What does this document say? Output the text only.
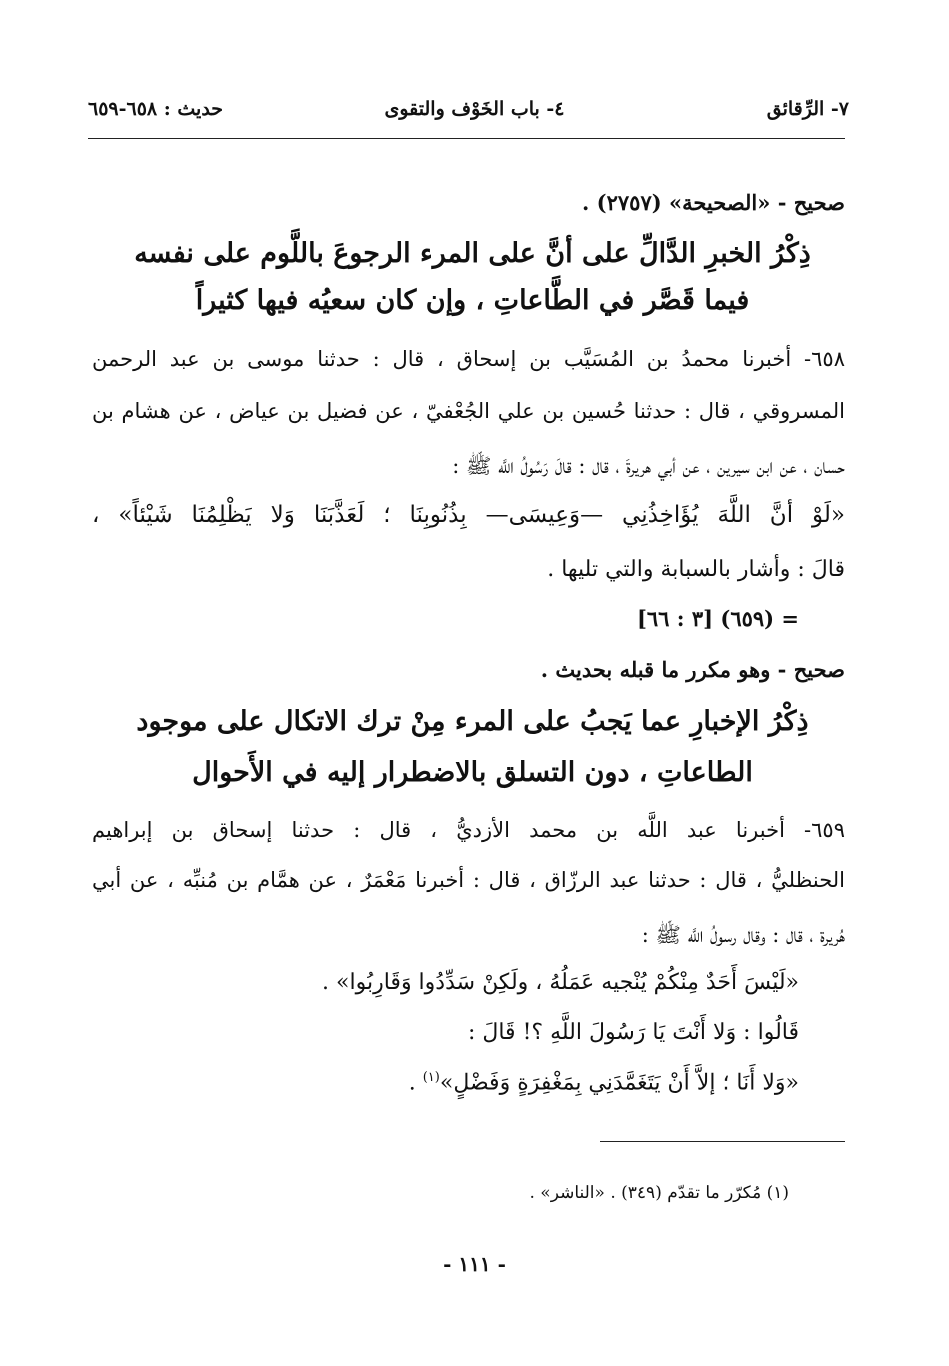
٧- الرِّقائق
٤- باب الخَوْف والتقوى
حديث : ٦٥٨-٦٥٩
صحيح - «الصحيحة» (٢٧٥٧) .
ذِكْرُ الخبرِ الدَّالِّ على أنَّ على المرء الرجوعَ باللَّوم على نفسه
فيما قَصَّر في الطَّاعاتِ ، وإن كان سعيُه فيها كثيراً
٦٥٨- أخبرنا محمدُ بن المُسَيَّب بن إسحاق ، قال : حدثنا موسى بن عبد الرحمن
المسروقي ، قال : حدثنا حُسين بن علي الجُعْفيّ ، عن فضيل بن عياض ، عن هشام بن
حسان ، عن ابن سيرين ، عن أبي هريرةَ ، قال : قالَ رَسُولُ اللَّه ﷺ :
«لَوْ أنَّ اللَّهَ يُؤَاخِذُنِي —وَعِيسَى— بِذُنُوبِنَا ؛ لَعَذَّبَنَا وَلا يَظْلِمُنَا شَيْئاً» ،
قالَ : وأشار بالسبابة والتي تليها .
= (٦٥٩) [٣ : ٦٦]
صحيح - وهو مكرر ما قبله بحديث .
ذِكْرُ الإخبارِ عما يَجبُ على المرء مِنْ ترك الاتكال على موجود
الطاعاتِ ، دون التسلق بالاضطرار إليه في الأَحوال
٦٥٩- أخبرنا عبد اللَّه بن محمد الأزديُّ ، قال : حدثنا إسحاق بن إبراهيم
الحنظليُّ ، قال : حدثنا عبد الرزّاق ، قال : أخبرنا مَعْمَرٌ ، عن همَّام بن مُنبِّه ، عن أبي
هُريرة ، قال : وقال رسولُ اللَّه ﷺ :
«لَيْسَ أَحَدٌ مِنْكُمْ يُنْجيه عَمَلُهُ ، ولَكِنْ سَدِّدُوا وَقَارِبُوا» .
قَالُوا : وَلا أَنْتَ يَا رَسُولَ اللَّهِ ؟! قَالَ :
«وَلا أَنَا ؛ إلاَّ أَنْ يَتَغَمَّدَنِي بِمَغْفِرَةٍ وَفَضْلٍ»$^{(١)}$ .
(١) مُكرّر ما تقدّم (٣٤٩) . «الناشر» .
- ١١١ -
